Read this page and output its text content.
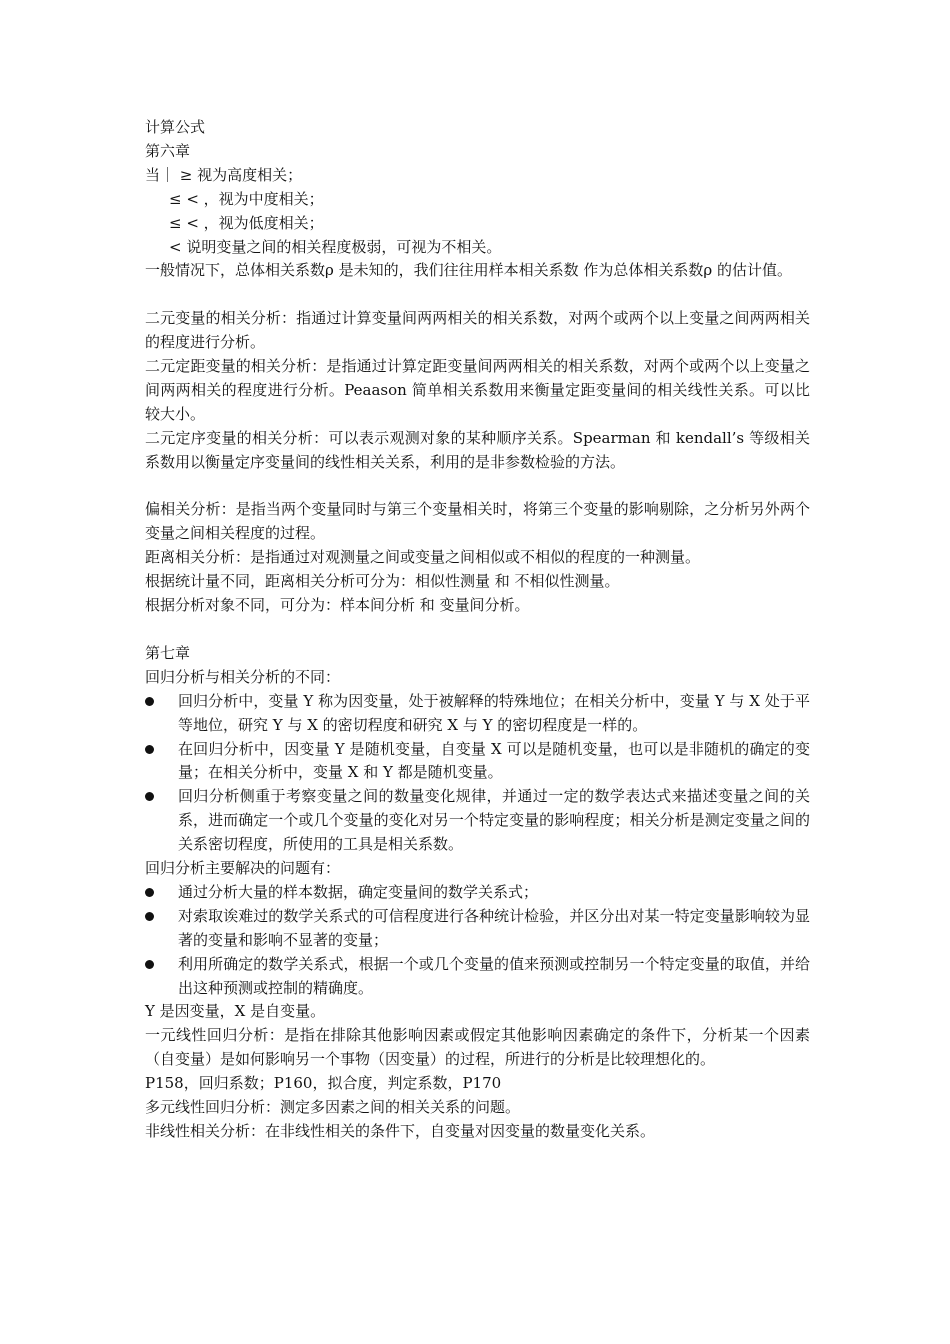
计算公式
第六章
当｜ ≥ 视为高度相关；
≤ < ，视为中度相关；
≤ < ，视为低度相关；
< 说明变量之间的相关程度极弱，可视为不相关。
一般情况下，总体相关系数ρ 是未知的，我们往往用样本相关系数 作为总体相关系数ρ 的估计值。
二元变量的相关分析：指通过计算变量间两两相关的相关系数，对两个或两个以上变量之间两两相关的程度进行分析。
二元定距变量的相关分析：是指通过计算定距变量间两两相关的相关系数，对两个或两个以上变量之间两两相关的程度进行分析。Peaason 简单相关系数用来衡量定距变量间的相关线性关系。可以比较大小。
二元定序变量的相关分析：可以表示观测对象的某种顺序关系。Spearman 和 kendall’s 等级相关系数用以衡量定序变量间的线性相关关系，利用的是非参数检验的方法。
偏相关分析：是指当两个变量同时与第三个变量相关时，将第三个变量的影响剔除，之分析另外两个变量之间相关程度的过程。
距离相关分析：是指通过对观测量之间或变量之间相似或不相似的程度的一种测量。
根据统计量不同，距离相关分析可分为：相似性测量 和 不相似性测量。
根据分析对象不同，可分为：样本间分析 和 变量间分析。
第七章
回归分析与相关分析的不同：
回归分析中，变量 Y 称为因变量，处于被解释的特殊地位；在相关分析中，变量 Y 与 X 处于平等地位，研究 Y 与 X 的密切程度和研究 X 与 Y 的密切程度是一样的。
在回归分析中，因变量 Y 是随机变量，自变量 X 可以是随机变量，也可以是非随机的确定的变量；在相关分析中，变量 X 和 Y 都是随机变量。
回归分析侧重于考察变量之间的数量变化规律，并通过一定的数学表达式来描述变量之间的关系，进而确定一个或几个变量的变化对另一个特定变量的影响程度；相关分析是测定变量之间的关系密切程度，所使用的工具是相关系数。
回归分析主要解决的问题有：
通过分析大量的样本数据，确定变量间的数学关系式；
对索取诶难过的数学关系式的可信程度进行各种统计检验，并区分出对某一特定变量影响较为显著的变量和影响不显著的变量；
利用所确定的数学关系式，根据一个或几个变量的值来预测或控制另一个特定变量的取值，并给出这种预测或控制的精确度。
Y 是因变量，X 是自变量。
一元线性回归分析：是指在排除其他影响因素或假定其他影响因素确定的条件下，分析某一个因素（自变量）是如何影响另一个事物（因变量）的过程，所进行的分析是比较理想化的。
P158，回归系数；P160，拟合度，判定系数，P170
多元线性回归分析：测定多因素之间的相关关系的问题。
非线性相关分析：在非线性相关的条件下，自变量对因变量的数量变化关系。
